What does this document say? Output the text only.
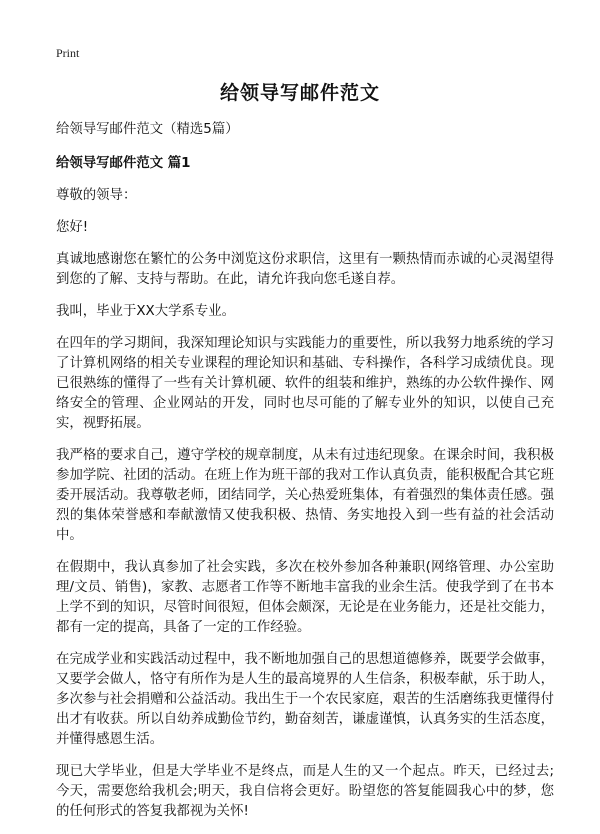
Print
给领导写邮件范文

给领导写邮件范文（精选5篇）

给领导写邮件范文 篇1

尊敬的领导：

您好!

真诚地感谢您在繁忙的公务中浏览这份求职信，这里有一颗热情而赤诚的心灵渴望得到您的了解、支持与帮助。在此，请允许我向您毛遂自荐。

我叫，毕业于XX大学系专业。

在四年的学习期间，我深知理论知识与实践能力的重要性，所以我努力地系统的学习了计算机网络的相关专业课程的理论知识和基础、专科操作，各科学习成绩优良。现已很熟练的懂得了一些有关计算机硬、软件的组装和维护，熟练的办公软件操作、网络安全的管理、企业网站的开发，同时也尽可能的了解专业外的知识，以使自己充实，视野拓展。

我严格的要求自己，遵守学校的规章制度，从未有过违纪现象。在课余时间，我积极参加学院、社团的活动。在班上作为班干部的我对工作认真负责，能积极配合其它班委开展活动。我尊敬老师，团结同学，关心热爱班集体，有着强烈的集体责任感。强烈的集体荣誉感和奉献激情又使我积极、热情、务实地投入到一些有益的社会活动中。

在假期中，我认真参加了社会实践，多次在校外参加各种兼职(网络管理、办公室助理/文员、销售)，家教、志愿者工作等不断地丰富我的业余生活。使我学到了在书本上学不到的知识，尽管时间很短，但体会颇深，无论是在业务能力，还是社交能力，都有一定的提高，具备了一定的工作经验。

在完成学业和实践活动过程中，我不断地加强自己的思想道德修养，既要学会做事，又要学会做人，恪守有所作为是人生的最高境界的人生信条，积极奉献，乐于助人，多次参与社会捐赠和公益活动。我出生于一个农民家庭，艰苦的生活磨练我更懂得付出才有收获。所以自幼养成勤俭节约，勤奋刻苦，谦虚谨慎，认真务实的生活态度，并懂得感恩生活。

现已大学毕业，但是大学毕业不是终点，而是人生的又一个起点。昨天，已经过去;今天，需要您给我机会;明天，我自信将会更好。盼望您的答复能圆我心中的梦，您的任何形式的答复我都视为关怀!
